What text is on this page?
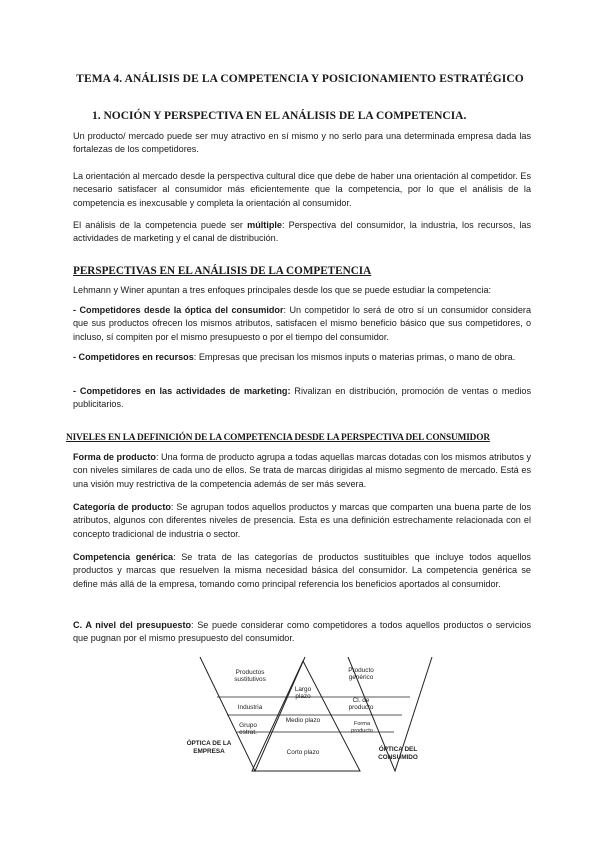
TEMA 4. ANÁLISIS DE LA COMPETENCIA Y POSICIONAMIENTO ESTRATÉGICO
1. NOCIÓN Y PERSPECTIVA EN EL ANÁLISIS DE LA COMPETENCIA.

Un producto/ mercado puede ser muy atractivo en sí mismo y no serlo para una determinada empresa dada las fortalezas de los competidores.

La orientación al mercado desde la perspectiva cultural dice que debe de haber una orientación al competidor. Es necesario satisfacer al consumidor más eficientemente que la competencia, por lo que el análisis de la competencia es inexcusable y completa la orientación al consumidor.

El análisis de la competencia puede ser múltiple: Perspectiva del consumidor, la industria, los recursos, las actividades de marketing y el canal de distribución.

PERSPECTIVAS EN EL ANÁLISIS DE LA COMPETENCIA

Lehmann y Winer apuntan a tres enfoques principales desde los que se puede estudiar la competencia:

- Competidores desde la óptica del consumidor: Un competidor lo será de otro sí un consumidor considera que sus productos ofrecen los mismos atributos, satisfacen el mismo beneficio básico que sus competidores, o incluso, sí compiten por el mismo presupuesto o por el tiempo del consumidor.

- Competidores en recursos: Empresas que precisan los mismos inputs o materias primas, o mano de obra.

- Competidores en las actividades de marketing: Rivalizan en distribución, promoción de ventas o medios publicitarios.

NIVELES EN LA DEFINICIÓN DE LA COMPETENCIA DESDE LA PERSPECTIVA DEL CONSUMIDOR

Forma de producto: Una forma de producto agrupa a todas aquellas marcas dotadas con los mismos atributos y con niveles similares de cada uno de ellos. Se trata de marcas dirigidas al mismo segmento de mercado. Está es una visión muy restrictiva de la competencia además de ser más severa.

Categoría de producto: Se agrupan todos aquellos productos y marcas que comparten una buena parte de los atributos, algunos con diferentes niveles de presencia. Esta es una definición estrechamente relacionada con el concepto tradicional de industria o sector.

Competencia genérica: Se trata de las categorías de productos sustituibles que incluye todos aquellos productos y marcas que resuelven la misma necesidad básica del consumidor. La competencia genérica se define más allá de la empresa, tomando como principal referencia los beneficios aportados al consumidor.

C. A nivel del presupuesto: Se puede considerar como competidores a todos aquellos productos o servicios que pugnan por el mismo presupuesto del consumidor.

Productos
sustitutivos
Industria
Grupo
estrat.
ÓPTICA DE LA
EMPRESA
Largo
plazo
Medio plazo
Corto plazo
Producto
genérico
Cl. de
producto
Forma
producto
ÓPTICA DEL
CONSUMIDO
